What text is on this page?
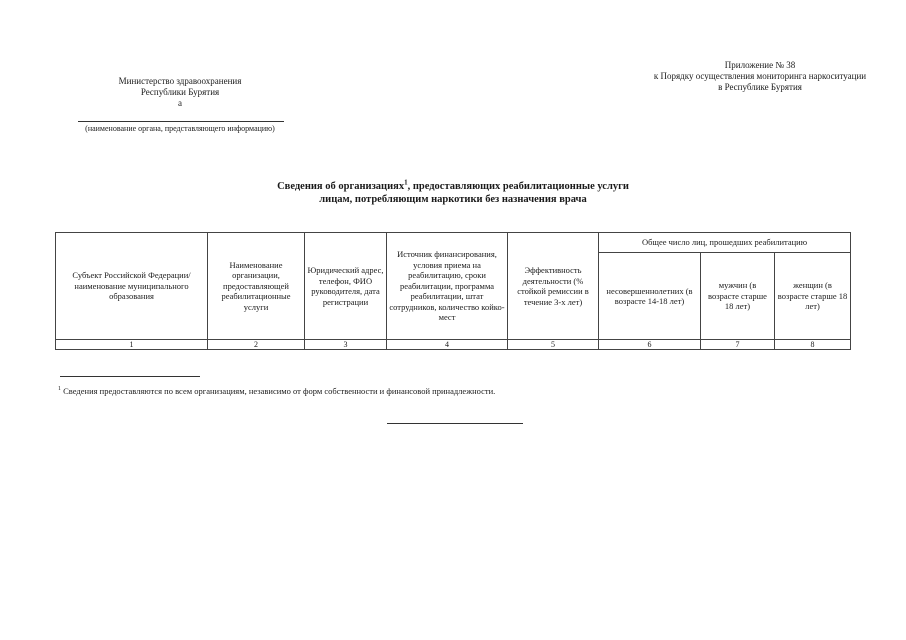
Приложение № 38
к Порядку осуществления мониторинга наркоситуации
в Республике Бурятия
Министерство здравоохранения
Республики Бурятия
а
(наименование органа, представляющего информацию)
Сведения об организациях$^1$, предоставляющих реабилитационные услуги
лицам, потребляющим наркотики без назначения врача
Субъект Российской Федерации/ наименование муниципального образования	Наименование организации, предоставляющей реабилитационные услуги	Юридический адрес, телефон, ФИО руководителя, дата регистрации	Источник финансирования, условия приема на реабилитацию, сроки реабилитации, программа реабилитации, штат сотрудников, количество койко-мест	Эффективность деятельности (% стойкой ремиссии в течение 3-х лет)	Общее число лиц, прошедших реабилитацию		
					несовершеннолетних (в возрасте 14-18 лет)	мужчин (в возрасте старше 18 лет)	женщин (в возрасте старше 18 лет)
1	2	3	4	5	6	7	8
$^1$ Сведения предоставляются по всем организациям, независимо от форм собственности и финансовой принадлежности.
